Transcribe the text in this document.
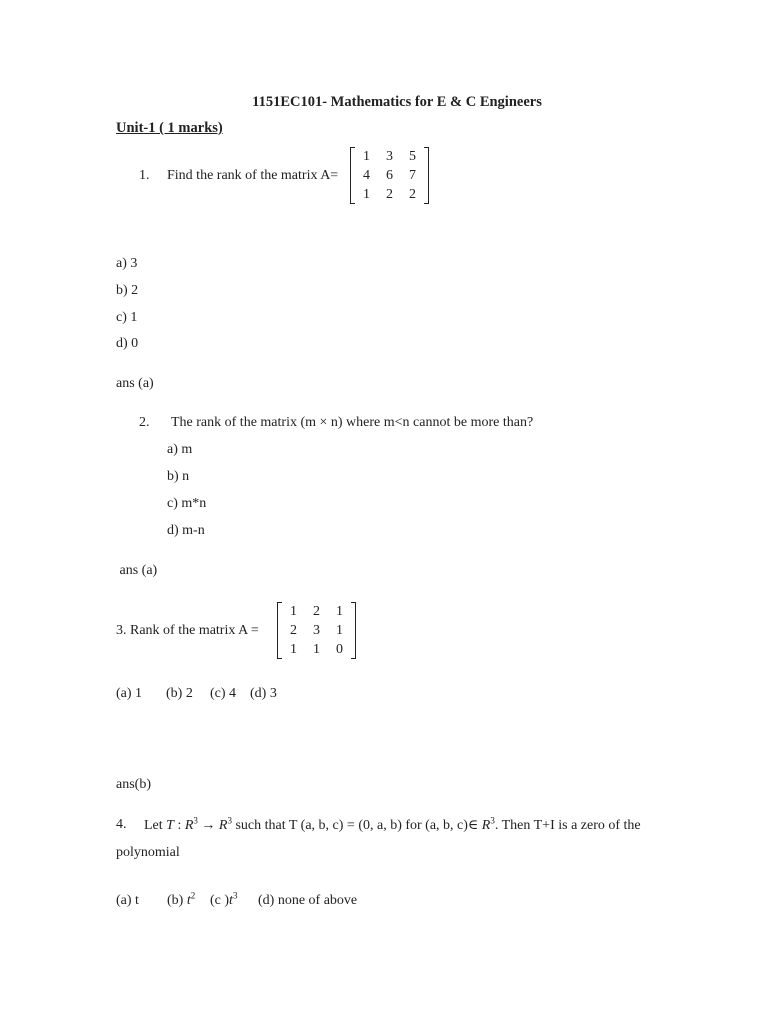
1151EC101- Mathematics for E & C Engineers
Unit-1 ( 1 marks)
1. Find the rank of the matrix A=
1	3	5
4	6	7
1	2	2
a) 3
b) 2
c) 1
d) 0
ans (a)
2. The rank of the matrix (m × n) where m<n cannot be more than?
a) m
b) n
c) m*n
d) m-n
ans (a)
3. Rank of the matrix A =
1	2	1
2	3	1
1	1	0
(a) 1 (b) 2 (c) 4 (d) 3
ans(b)
4. Let T : $R^3 \to R^3$ such that T (a, b, c) = (0, a, b) for (a, b, c)∈ $R^3$. Then T+I is a zero of the
polynomial
(a) t (b) $t^2$ (c )$t^3$ (d) none of above
